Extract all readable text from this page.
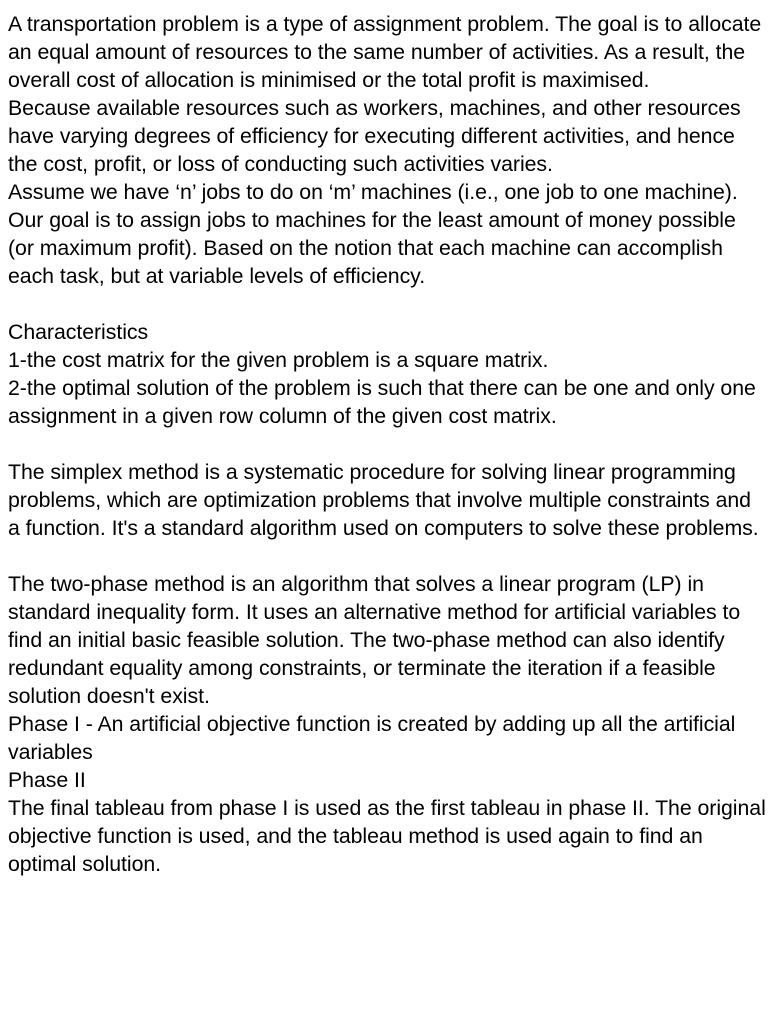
A transportation problem is a type of assignment problem. The goal is to allocate an equal amount of resources to the same number of activities. As a result, the overall cost of allocation is minimised or the total profit is maximised.

Because available resources such as workers, machines, and other resources have varying degrees of efficiency for executing different activities, and hence the cost, profit, or loss of conducting such activities varies.

Assume we have ‘n’ jobs to do on ‘m’ machines (i.e., one job to one machine). Our goal is to assign jobs to machines for the least amount of money possible (or maximum profit). Based on the notion that each machine can accomplish each task, but at variable levels of efficiency.

Characteristics

1-the cost matrix for the given problem is a square matrix.

2-the optimal solution of the problem is such that there can be one and only one assignment in a given row column of the given cost matrix.

The simplex method is a systematic procedure for solving linear programming problems, which are optimization problems that involve multiple constraints and a function. It's a standard algorithm used on computers to solve these problems.

The two-phase method is an algorithm that solves a linear program (LP) in standard inequality form. It uses an alternative method for artificial variables to find an initial basic feasible solution. The two-phase method can also identify redundant equality among constraints, or terminate the iteration if a feasible solution doesn't exist.

Phase I - An artificial objective function is created by adding up all the artificial variables

Phase II

The final tableau from phase I is used as the first tableau in phase II. The original objective function is used, and the tableau method is used again to find an optimal solution.
